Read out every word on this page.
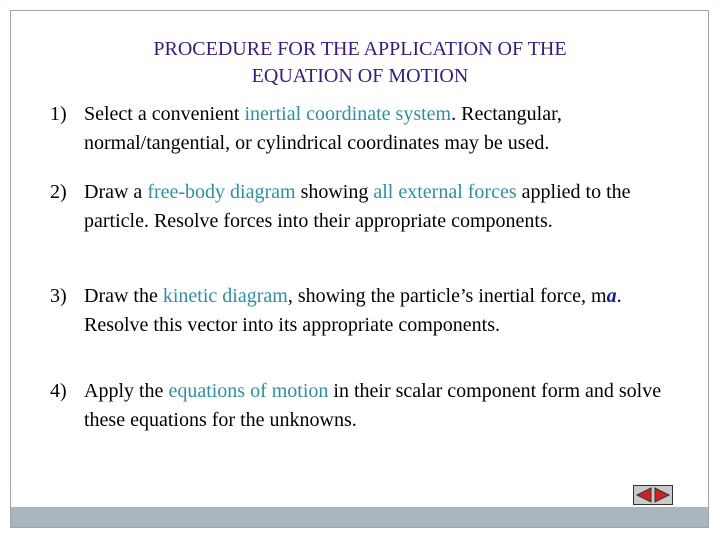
PROCEDURE FOR THE APPLICATION OF THE
EQUATION OF MOTION
1) Select a convenient inertial coordinate system. Rectangular, normal/tangential, or cylindrical coordinates may be used.
2) Draw a free-body diagram showing all external forces applied to the particle. Resolve forces into their appropriate components.
3) Draw the kinetic diagram, showing the particle’s inertial force, ma. Resolve this vector into its appropriate components.
4) Apply the equations of motion in their scalar component form and solve these equations for the unknowns.
